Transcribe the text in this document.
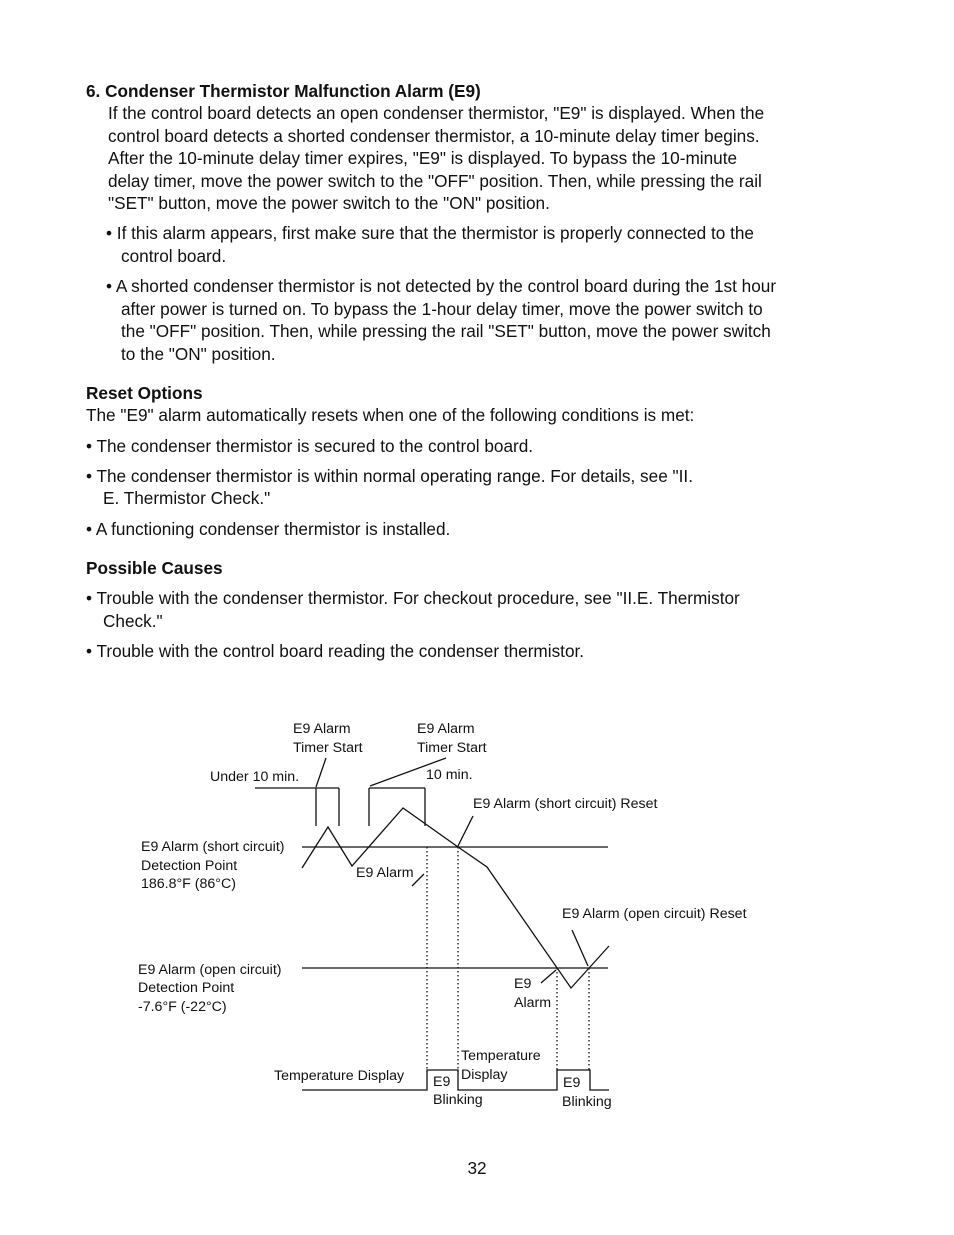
6. Condenser Thermistor Malfunction Alarm (E9)
If the control board detects an open condenser thermistor, "E9" is displayed. When the
control board detects a shorted condenser thermistor, a 10-minute delay timer begins.
After the 10-minute delay timer expires, "E9" is displayed. To bypass the 10-minute
delay timer, move the power switch to the "OFF" position. Then, while pressing the rail
"SET" button, move the power switch to the "ON" position.
• If this alarm appears, first make sure that the thermistor is properly connected to the
control board.
• A shorted condenser thermistor is not detected by the control board during the 1st hour
after power is turned on. To bypass the 1-hour delay timer, move the power switch to
the "OFF" position. Then, while pressing the rail "SET" button, move the power switch
to the "ON" position.
Reset Options
The "E9" alarm automatically resets when one of the following conditions is met:
• The condenser thermistor is secured to the control board.
• The condenser thermistor is within normal operating range. For details, see "II.
E. Thermistor Check."
• A functioning condenser thermistor is installed.
Possible Causes
• Trouble with the condenser thermistor. For checkout procedure, see "II.E. Thermistor
Check."
• Trouble with the control board reading the condenser thermistor.
E9 Alarm
Timer Start
E9 Alarm
Timer Start
Under 10 min.	10 min.
E9 Alarm (short circuit) Reset
E9 Alarm (short circuit)
Detection Point
186.8°F (86°C)
E9 Alarm
E9 Alarm (open circuit) Reset
E9 Alarm (open circuit)
Detection Point
-7.6°F (-22°C)
E9
Alarm
Temperature Display
Temperature
Display
E9	E9
Blinking	Blinking
32
